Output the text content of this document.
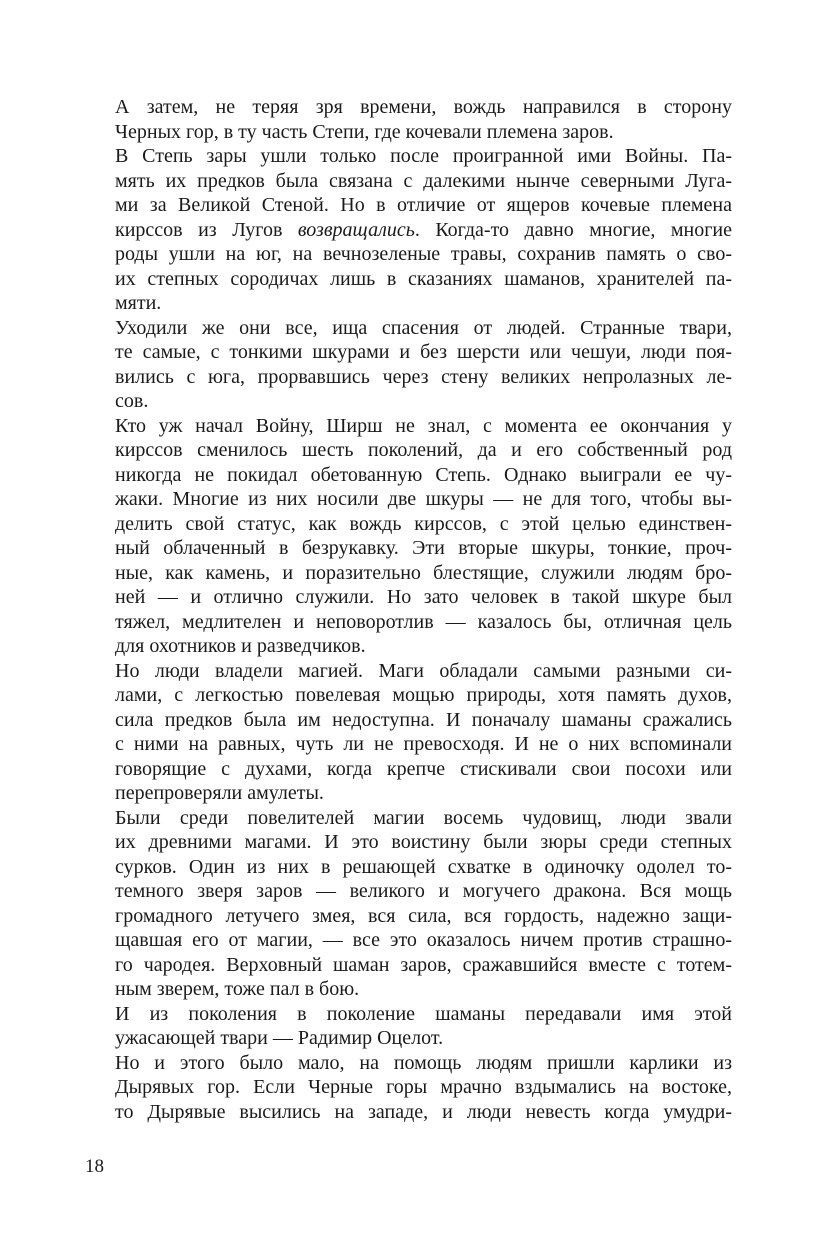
А затем, не теряя зря времени, вождь направился в сторону
Черных гор, в ту часть Степи, где кочевали племена заров.

В Степь зары ушли только после проигранной ими Войны. Па-
мять их предков была связана с далекими нынче северными Луга-
ми за Великой Стеной. Но в отличие от ящеров кочевые племена
кирссов из Лугов возвращались. Когда-то давно многие, многие
роды ушли на юг, на вечнозеленые травы, сохранив память о сво-
их степных сородичах лишь в сказаниях шаманов, хранителей па-
мяти.

Уходили же они все, ища спасения от людей. Странные твари,
те самые, с тонкими шкурами и без шерсти или чешуи, люди поя-
вились с юга, прорвавшись через стену великих непролазных ле-
сов.

Кто уж начал Войну, Ширш не знал, с момента ее окончания у
кирссов сменилось шесть поколений, да и его собственный род
никогда не покидал обетованную Степь. Однако выиграли ее чу-
жаки. Многие из них носили две шкуры — не для того, чтобы вы-
делить свой статус, как вождь кирссов, с этой целью единствен-
ный облаченный в безрукавку. Эти вторые шкуры, тонкие, проч-
ные, как камень, и поразительно блестящие, служили людям бро-
ней — и отлично служили. Но зато человек в такой шкуре был
тяжел, медлителен и неповоротлив — казалось бы, отличная цель
для охотников и разведчиков.

Но люди владели магией. Маги обладали самыми разными си-
лами, с легкостью повелевая мощью природы, хотя память духов,
сила предков была им недоступна. И поначалу шаманы сражались
с ними на равных, чуть ли не превосходя. И не о них вспоминали
говорящие с духами, когда крепче стискивали свои посохи или
перепроверяли амулеты.

Были среди повелителей магии восемь чудовищ, люди звали
их древними магами. И это воистину были зюры среди степных
сурков. Один из них в решающей схватке в одиночку одолел то-
темного зверя заров — великого и могучего дракона. Вся мощь
громадного летучего змея, вся сила, вся гордость, надежно защи-
щавшая его от магии, — все это оказалось ничем против страшно-
го чародея. Верховный шаман заров, сражавшийся вместе с тотем-
ным зверем, тоже пал в бою.

И из поколения в поколение шаманы передавали имя этой
ужасающей твари — Радимир Оцелот.

Но и этого было мало, на помощь людям пришли карлики из
Дырявых гор. Если Черные горы мрачно вздымались на востоке,
то Дырявые высились на западе, и люди невесть когда умудри-

18
